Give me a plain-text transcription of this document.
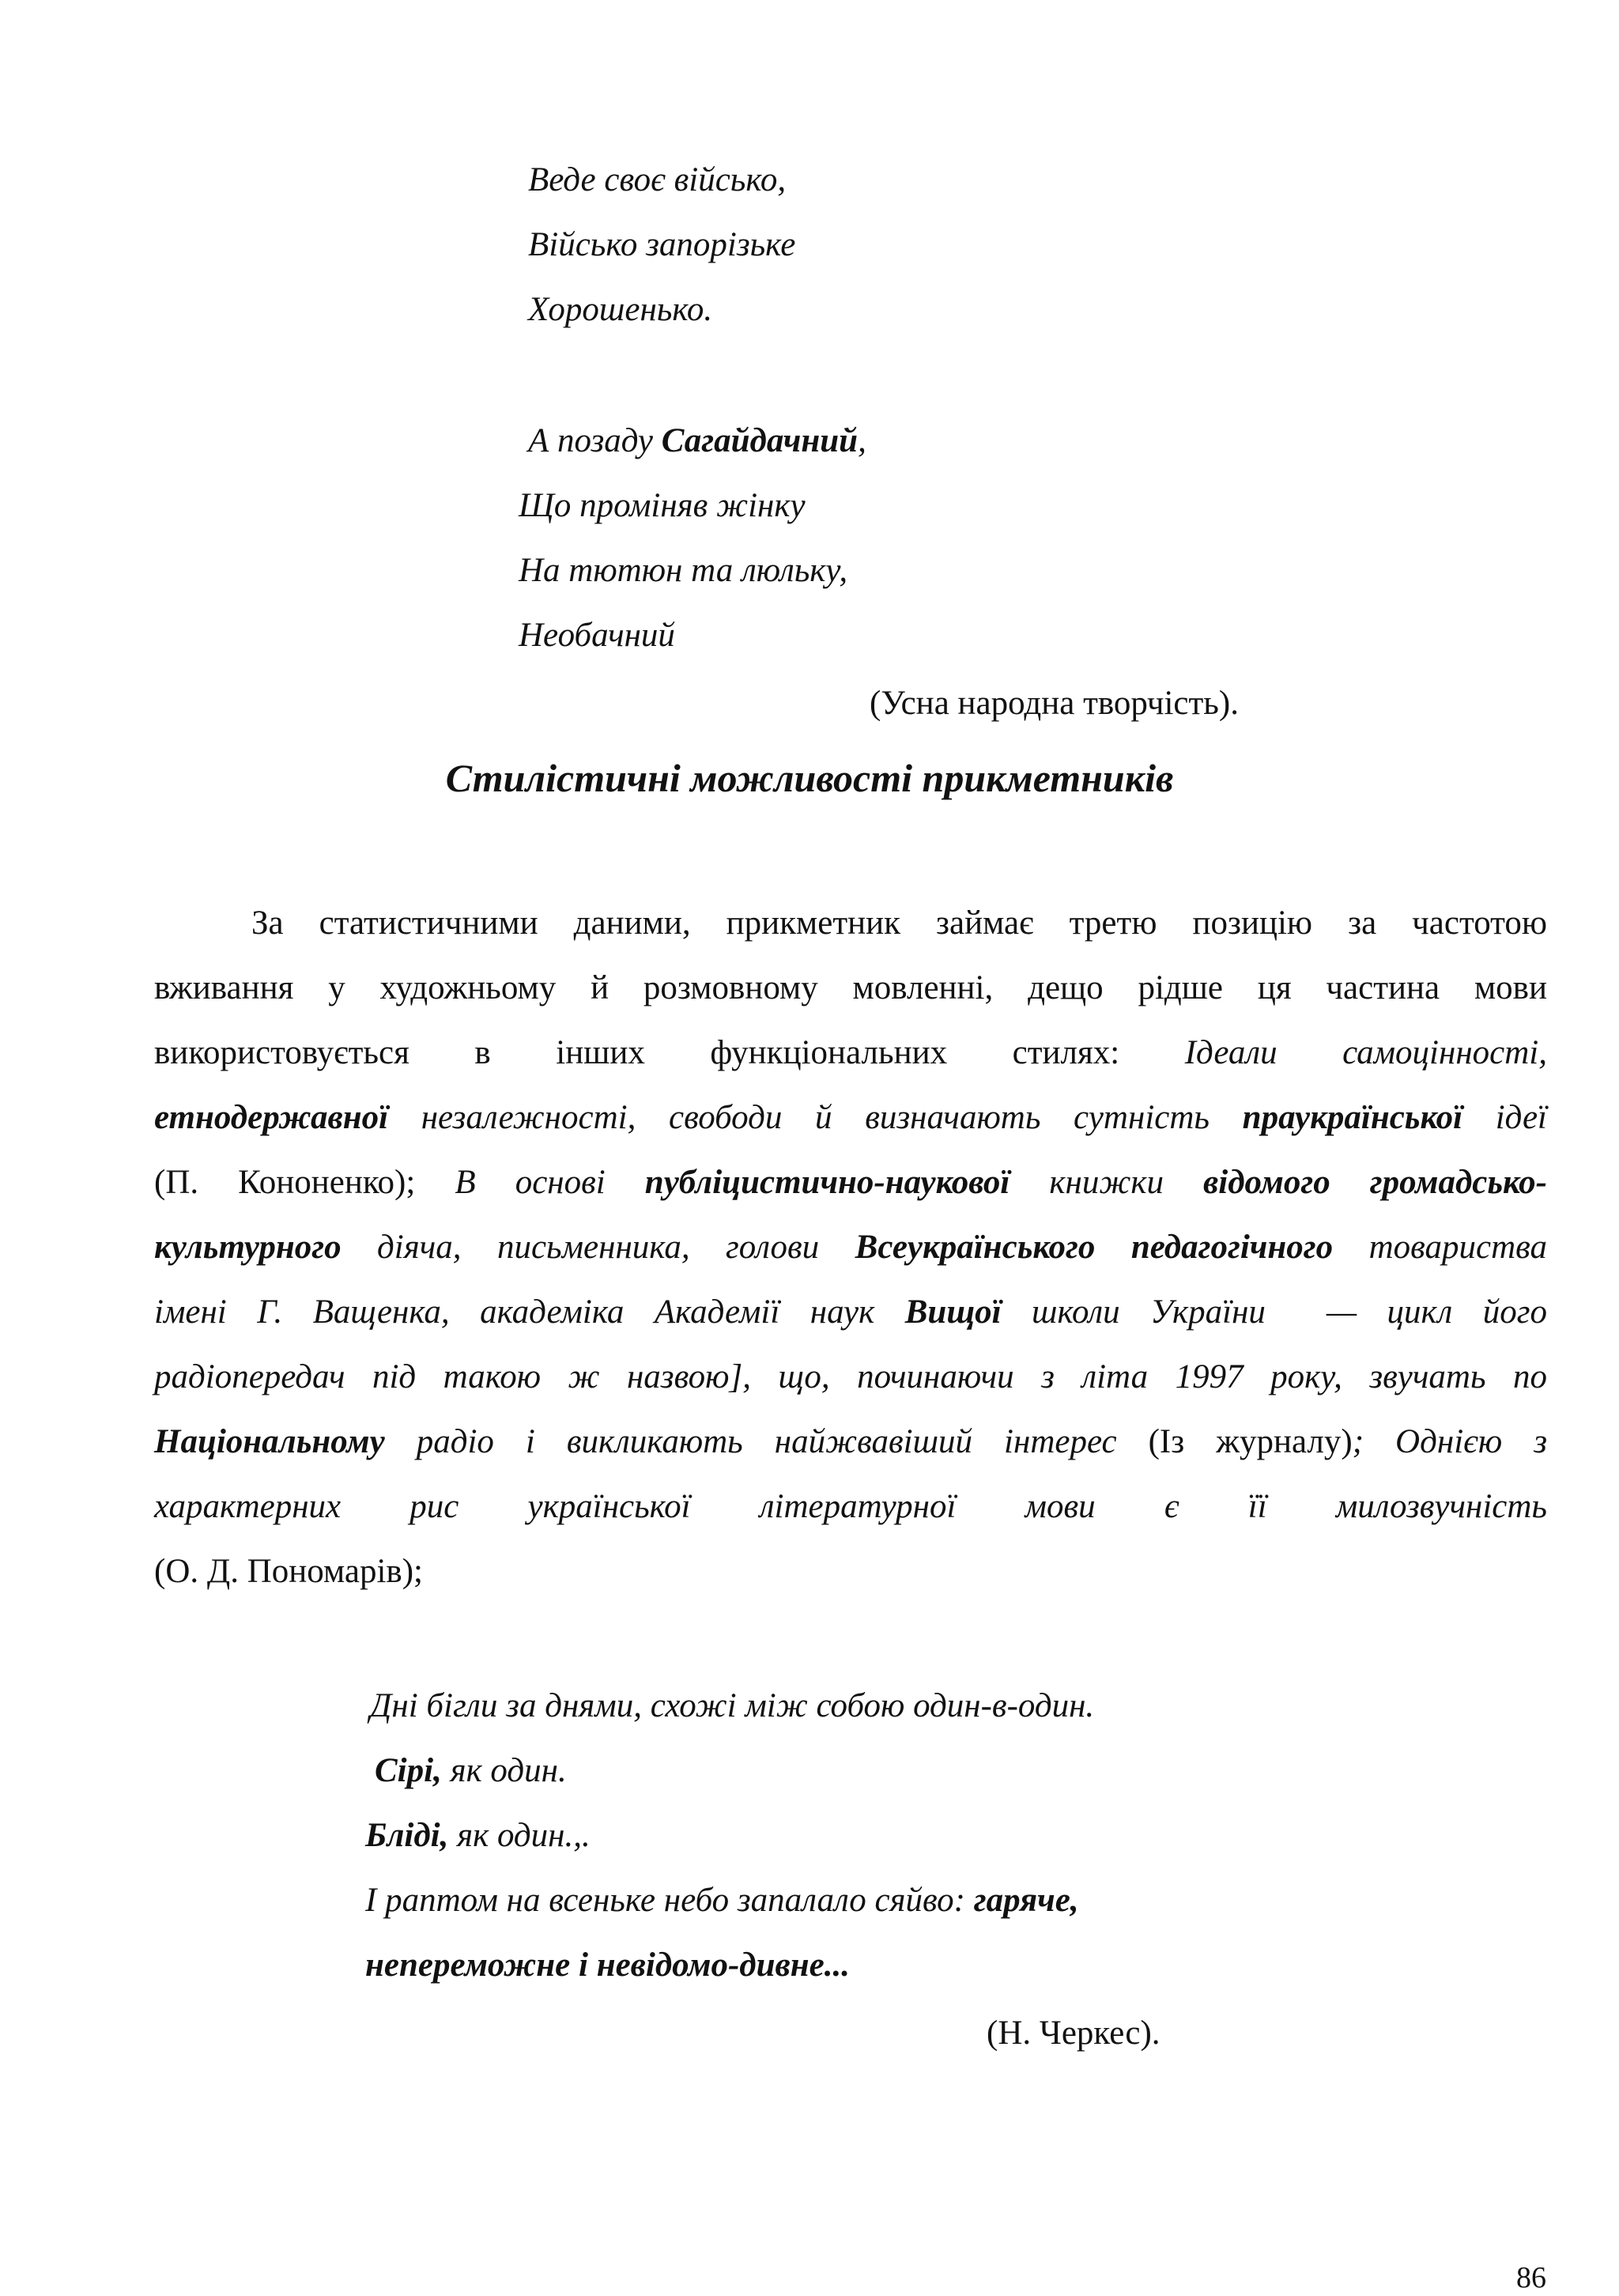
Веде своє військо,
Військо запорізьке
Хорошенько.
А позаду Сагайдачний,
Що проміняв жінку
На тютюн та люльку,
Необачний
(Усна народна творчість).
Стилістичні можливості прикметників
За статистичними даними, прикметник займає третю позицію за частотою
вживання у художньому й розмовному мовленні, дещо рідше ця частина мови
використовується в інших функціональних стилях: Ідеали самоцінності,
етнодержавної незалежності, свободи й визначають сутність праукраїнської ідеї
(П. Кононенко); В основі публіцистично-наукової книжки відомого громадсько-
культурного діяча, письменника, голови Всеукраїнського педагогічного товариства
імені Г. Ващенка, академіка Академії наук Вищої школи України  — цикл його
радіопередач під такою ж назвою], що, починаючи з літа 1997 року, звучать по
Національному радіо і викликають найжвавіший інтерес (Із журналу); Однією з
характерних рис української літературної мови є її милозвучність
(О. Д. Пономарів);
Дні бігли за днями, схожі між собою один-в-один.
Сірі, як один.
Бліді, як один.,.
І раптом на всеньке небо запалало сяйво: гаряче,
непереможне і невідомо-дивне...
(Н. Черкес).
86
